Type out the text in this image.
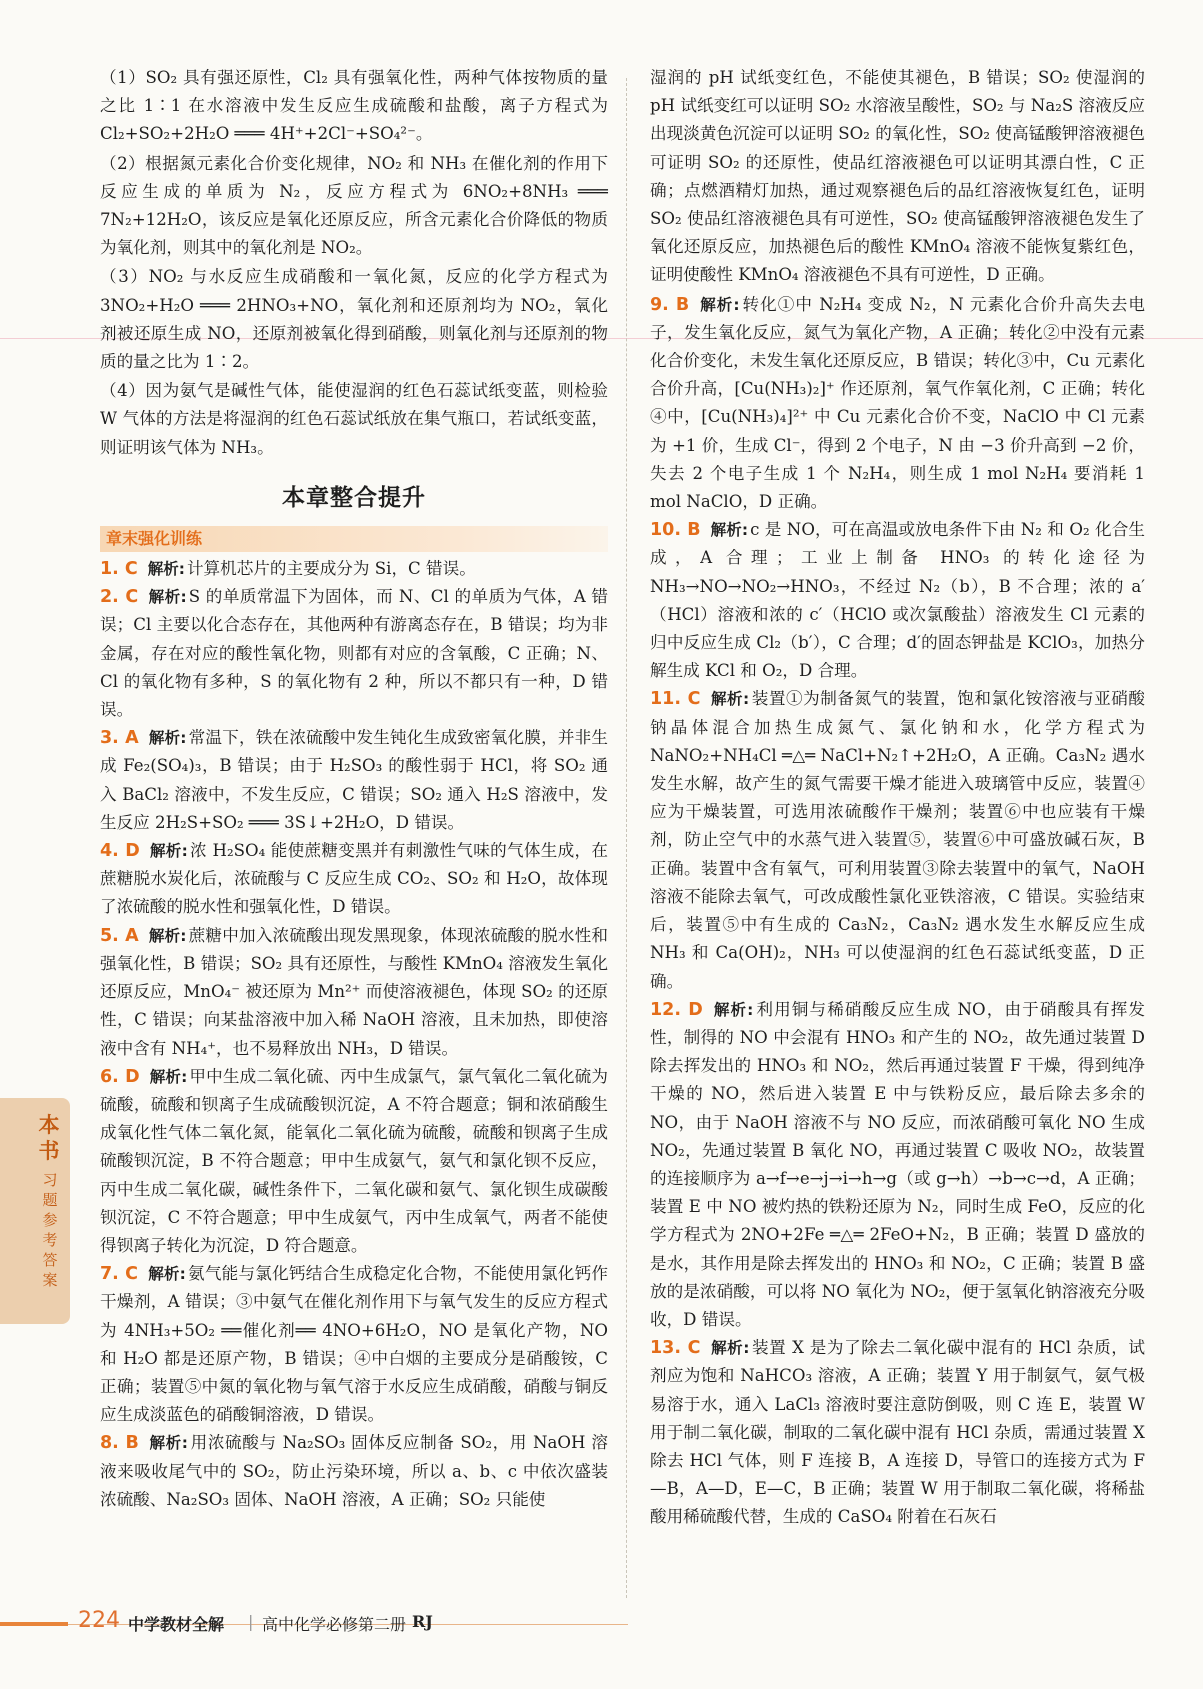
（1）SO₂ 具有强还原性，Cl₂ 具有强氧化性，两种气体按物质的量之比 1∶1 在水溶液中发生反应生成硫酸和盐酸，离子方程式为 Cl₂+SO₂+2H₂O ═══ 4H⁺+2Cl⁻+SO₄²⁻。

（2）根据氮元素化合价变化规律，NO₂ 和 NH₃ 在催化剂的作用下反应生成的单质为 N₂，反应方程式为 6NO₂+8NH₃ ═══ 7N₂+12H₂O，该反应是氧化还原反应，所含元素化合价降低的物质为氧化剂，则其中的氧化剂是 NO₂。

（3）NO₂ 与水反应生成硝酸和一氧化氮，反应的化学方程式为 3NO₂+H₂O ═══ 2HNO₃+NO，氧化剂和还原剂均为 NO₂，氧化剂被还原生成 NO，还原剂被氧化得到硝酸，则氧化剂与还原剂的物质的量之比为 1∶2。

（4）因为氨气是碱性气体，能使湿润的红色石蕊试纸变蓝，则检验 W 气体的方法是将湿润的红色石蕊试纸放在集气瓶口，若试纸变蓝，则证明该气体为 NH₃。

本章整合提升
章末强化训练

1. C 解析: 计算机芯片的主要成分为 Si，C 错误。

2. C 解析: S 的单质常温下为固体，而 N、Cl 的单质为气体，A 错误；Cl 主要以化合态存在，其他两种有游离态存在，B 错误；均为非金属，存在对应的酸性氧化物，则都有对应的含氧酸，C 正确；N、Cl 的氧化物有多种，S 的氧化物有 2 种，所以不都只有一种，D 错误。

3. A 解析: 常温下，铁在浓硫酸中发生钝化生成致密氧化膜，并非生成 Fe₂(SO₄)₃，B 错误；由于 H₂SO₃ 的酸性弱于 HCl，将 SO₂ 通入 BaCl₂ 溶液中，不发生反应，C 错误；SO₂ 通入 H₂S 溶液中，发生反应 2H₂S+SO₂ ═══ 3S↓+2H₂O，D 错误。

4. D 解析: 浓 H₂SO₄ 能使蔗糖变黑并有刺激性气味的气体生成，在蔗糖脱水炭化后，浓硫酸与 C 反应生成 CO₂、SO₂ 和 H₂O，故体现了浓硫酸的脱水性和强氧化性，D 错误。

5. A 解析: 蔗糖中加入浓硫酸出现发黑现象，体现浓硫酸的脱水性和强氧化性，B 错误；SO₂ 具有还原性，与酸性 KMnO₄ 溶液发生氧化还原反应，MnO₄⁻ 被还原为 Mn²⁺ 而使溶液褪色，体现 SO₂ 的还原性，C 错误；向某盐溶液中加入稀 NaOH 溶液，且未加热，即使溶液中含有 NH₄⁺，也不易释放出 NH₃，D 错误。

6. D 解析: 甲中生成二氧化硫、丙中生成氯气，氯气氧化二氧化硫为硫酸，硫酸和钡离子生成硫酸钡沉淀，A 不符合题意；铜和浓硝酸生成氧化性气体二氧化氮，能氧化二氧化硫为硫酸，硫酸和钡离子生成硫酸钡沉淀，B 不符合题意；甲中生成氨气，氨气和氯化钡不反应，丙中生成二氧化碳，碱性条件下，二氧化碳和氨气、氯化钡生成碳酸钡沉淀，C 不符合题意；甲中生成氨气，丙中生成氧气，两者不能使得钡离子转化为沉淀，D 符合题意。

7. C 解析: 氨气能与氯化钙结合生成稳定化合物，不能使用氯化钙作干燥剂，A 错误；③中氨气在催化剂作用下与氧气发生的反应方程式为 4NH₃+5O₂ ══催化剂══ 4NO+6H₂O，NO 是氧化产物，NO 和 H₂O 都是还原产物，B 错误；④中白烟的主要成分是硝酸铵，C 正确；装置⑤中氮的氧化物与氧气溶于水反应生成硝酸，硝酸与铜反应生成淡蓝色的硝酸铜溶液，D 错误。

8. B 解析: 用浓硫酸与 Na₂SO₃ 固体反应制备 SO₂，用 NaOH 溶液来吸收尾气中的 SO₂，防止污染环境，所以 a、b、c 中依次盛装浓硫酸、Na₂SO₃ 固体、NaOH 溶液，A 正确；SO₂ 只能使

湿润的 pH 试纸变红色，不能使其褪色，B 错误；SO₂ 使湿润的 pH 试纸变红可以证明 SO₂ 水溶液呈酸性，SO₂ 与 Na₂S 溶液反应出现淡黄色沉淀可以证明 SO₂ 的氧化性，SO₂ 使高锰酸钾溶液褪色可证明 SO₂ 的还原性，使品红溶液褪色可以证明其漂白性，C 正确；点燃酒精灯加热，通过观察褪色后的品红溶液恢复红色，证明 SO₂ 使品红溶液褪色具有可逆性，SO₂ 使高锰酸钾溶液褪色发生了氧化还原反应，加热褪色后的酸性 KMnO₄ 溶液不能恢复紫红色，证明使酸性 KMnO₄ 溶液褪色不具有可逆性，D 正确。

9. B 解析: 转化①中 N₂H₄ 变成 N₂，N 元素化合价升高失去电子，发生氧化反应，氮气为氧化产物，A 正确；转化②中没有元素化合价变化，未发生氧化还原反应，B 错误；转化③中，Cu 元素化合价升高，[Cu(NH₃)₂]⁺ 作还原剂，氧气作氧化剂，C 正确；转化④中，[Cu(NH₃)₄]²⁺ 中 Cu 元素化合价不变，NaClO 中 Cl 元素为 +1 价，生成 Cl⁻，得到 2 个电子，N 由 −3 价升高到 −2 价，失去 2 个电子生成 1 个 N₂H₄，则生成 1 mol N₂H₄ 要消耗 1 mol NaClO，D 正确。

10. B 解析: c 是 NO，可在高温或放电条件下由 N₂ 和 O₂ 化合生成，A 合理；工业上制备 HNO₃ 的转化途径为 NH₃→NO→NO₂→HNO₃，不经过 N₂（b），B 不合理；浓的 a′（HCl）溶液和浓的 c′（HClO 或次氯酸盐）溶液发生 Cl 元素的归中反应生成 Cl₂（b′），C 合理；d′的固态钾盐是 KClO₃，加热分解生成 KCl 和 O₂，D 合理。

11. C 解析: 装置①为制备氮气的装置，饱和氯化铵溶液与亚硝酸钠晶体混合加热生成氮气、氯化钠和水，化学方程式为 NaNO₂+NH₄Cl ═△═ NaCl+N₂↑+2H₂O，A 正确。Ca₃N₂ 遇水发生水解，故产生的氮气需要干燥才能进入玻璃管中反应，装置④应为干燥装置，可选用浓硫酸作干燥剂；装置⑥中也应装有干燥剂，防止空气中的水蒸气进入装置⑤，装置⑥中可盛放碱石灰，B 正确。装置中含有氧气，可利用装置③除去装置中的氧气，NaOH 溶液不能除去氧气，可改成酸性氯化亚铁溶液，C 错误。实验结束后，装置⑤中有生成的 Ca₃N₂，Ca₃N₂ 遇水发生水解反应生成 NH₃ 和 Ca(OH)₂，NH₃ 可以使湿润的红色石蕊试纸变蓝，D 正确。

12. D 解析: 利用铜与稀硝酸反应生成 NO，由于硝酸具有挥发性，制得的 NO 中会混有 HNO₃ 和产生的 NO₂，故先通过装置 D 除去挥发出的 HNO₃ 和 NO₂，然后再通过装置 F 干燥，得到纯净干燥的 NO，然后进入装置 E 中与铁粉反应，最后除去多余的 NO，由于 NaOH 溶液不与 NO 反应，而浓硝酸可氧化 NO 生成 NO₂，先通过装置 B 氧化 NO，再通过装置 C 吸收 NO₂，故装置的连接顺序为 a→f→e→j→i→h→g（或 g→h）→b→c→d，A 正确；装置 E 中 NO 被灼热的铁粉还原为 N₂，同时生成 FeO，反应的化学方程式为 2NO+2Fe ═△═ 2FeO+N₂，B 正确；装置 D 盛放的是水，其作用是除去挥发出的 HNO₃ 和 NO₂，C 正确；装置 B 盛放的是浓硝酸，可以将 NO 氧化为 NO₂，便于氢氧化钠溶液充分吸收，D 错误。

13. C 解析: 装置 X 是为了除去二氧化碳中混有的 HCl 杂质，试剂应为饱和 NaHCO₃ 溶液，A 正确；装置 Y 用于制氨气，氨气极易溶于水，通入 LaCl₃ 溶液时要注意防倒吸，则 C 连 E，装置 W 用于制二氧化碳，制取的二氧化碳中混有 HCl 杂质，需通过装置 X 除去 HCl 气体，则 F 连接 B，A 连接 D，导管口的连接方式为 F—B，A—D，E—C，B 正确；装置 W 用于制取二氧化碳，将稀盐酸用稀硫酸代替，生成的 CaSO₄ 附着在石灰石

本书
习题参考答案
224 中学教材全解 | 高中化学必修第二册 RJ
